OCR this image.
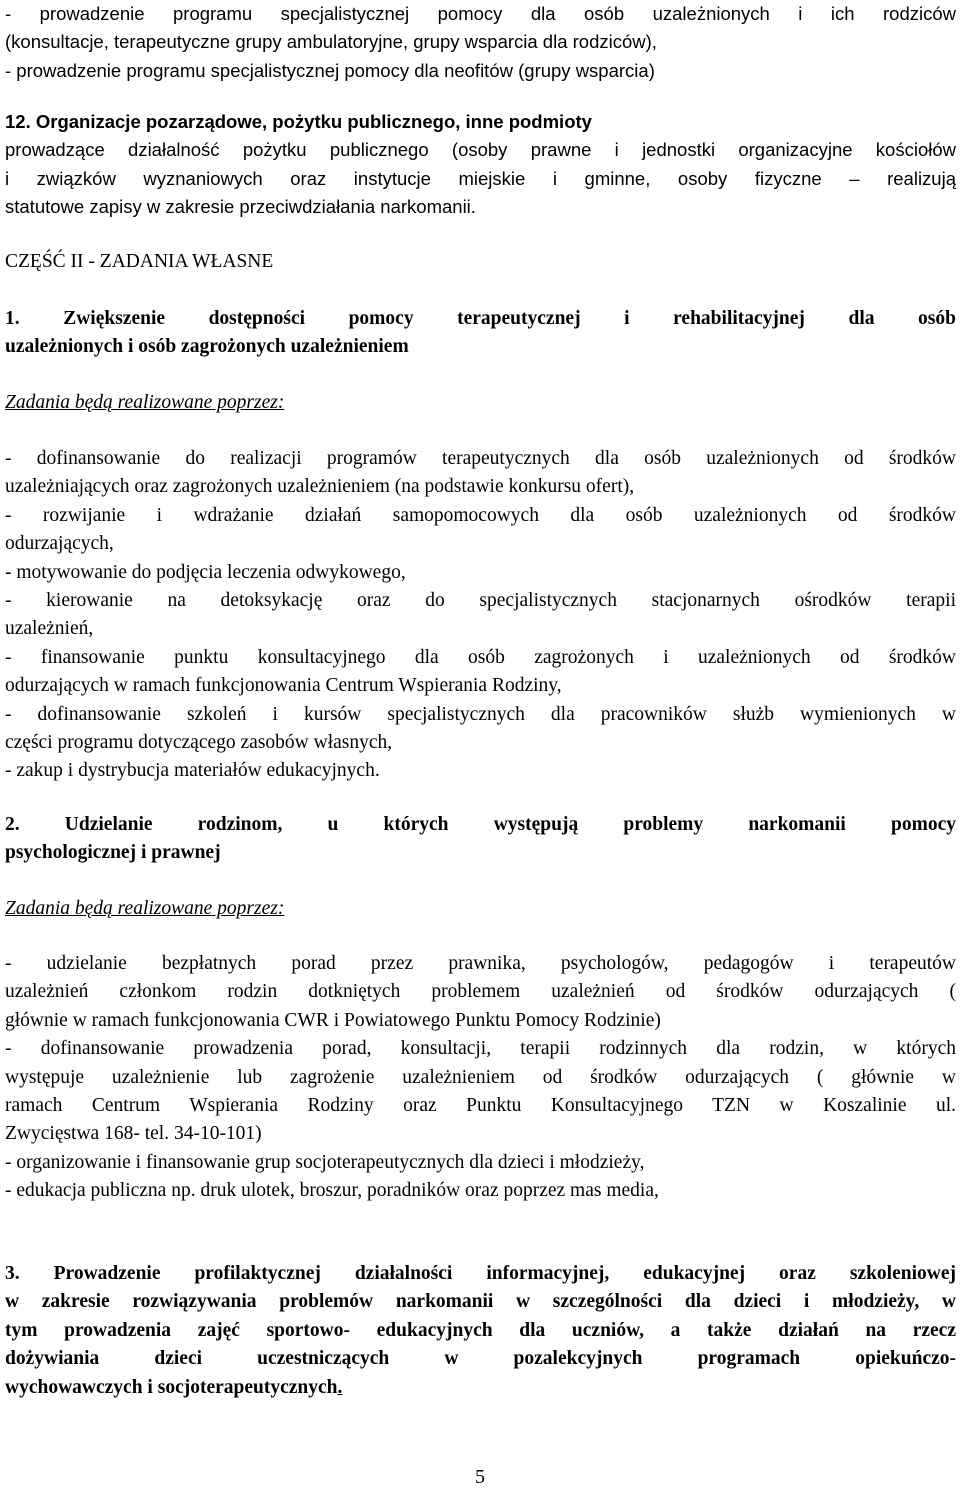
- prowadzenie programu specjalistycznej pomocy dla osób uzależnionych i ich rodziców
(konsultacje, terapeutyczne grupy ambulatoryjne, grupy wsparcia dla rodziców),
- prowadzenie programu specjalistycznej pomocy dla neofitów (grupy wsparcia)

12. Organizacje pozarządowe, pożytku publicznego, inne podmioty
prowadzące działalność pożytku publicznego (osoby prawne i jednostki organizacyjne kościołów
i związków wyznaniowych oraz instytucje miejskie i gminne, osoby fizyczne – realizują
statutowe zapisy w zakresie przeciwdziałania narkomanii.

CZĘŚĆ II - ZADANIA WŁASNE

1. Zwiększenie dostępności pomocy terapeutycznej i rehabilitacyjnej dla osób
uzależnionych i osób zagrożonych uzależnieniem

Zadania będą realizowane poprzez:

- dofinansowanie do realizacji programów terapeutycznych dla osób uzależnionych od środków
uzależniających oraz zagrożonych uzależnieniem (na podstawie konkursu ofert),
- rozwijanie i wdrażanie działań samopomocowych dla osób uzależnionych od środków
odurzających,
- motywowanie do podjęcia leczenia odwykowego,
- kierowanie na detoksykację oraz do specjalistycznych stacjonarnych ośrodków terapii
uzależnień,
- finansowanie punktu konsultacyjnego dla osób zagrożonych i uzależnionych od środków
odurzających w ramach funkcjonowania Centrum Wspierania Rodziny,
- dofinansowanie szkoleń i kursów specjalistycznych dla pracowników służb wymienionych w
części programu dotyczącego zasobów własnych,
- zakup i dystrybucja materiałów edukacyjnych.

2. Udzielanie rodzinom, u których występują problemy narkomanii pomocy
psychologicznej i prawnej

Zadania będą realizowane poprzez:

- udzielanie bezpłatnych porad przez prawnika, psychologów, pedagogów i terapeutów
uzależnień członkom rodzin dotkniętych problemem uzależnień od środków odurzających (
głównie w ramach funkcjonowania CWR i Powiatowego Punktu Pomocy Rodzinie)
- dofinansowanie prowadzenia porad, konsultacji, terapii rodzinnych dla rodzin, w których
występuje uzależnienie lub zagrożenie uzależnieniem od środków odurzających ( głównie w
ramach Centrum Wspierania Rodziny oraz Punktu Konsultacyjnego TZN w Koszalinie ul.
Zwycięstwa 168- tel. 34-10-101)
- organizowanie i finansowanie grup socjoterapeutycznych dla dzieci i młodzieży,
- edukacja publiczna np. druk ulotek, broszur, poradników oraz poprzez mas media,

3. Prowadzenie profilaktycznej działalności informacyjnej, edukacyjnej oraz szkoleniowej
w zakresie rozwiązywania problemów narkomanii w szczególności dla dzieci i młodzieży, w
tym prowadzenia zajęć sportowo- edukacyjnych dla uczniów, a także działań na rzecz
dożywiania dzieci uczestniczących w pozalekcyjnych programach opiekuńczo-
wychowawczych i socjoterapeutycznych.

5
